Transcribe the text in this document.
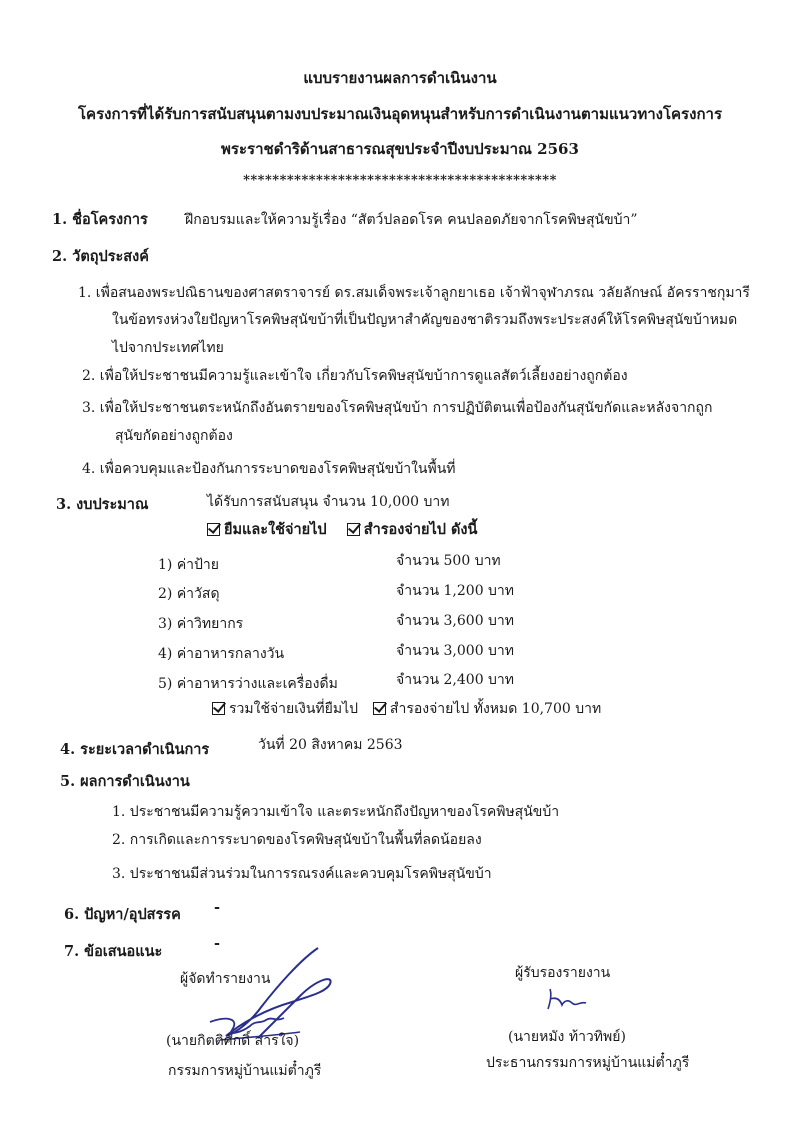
แบบรายงานผลการดำเนินงาน
โครงการที่ได้รับการสนับสนุนตามงบประมาณเงินอุดหนุนสำหรับการดำเนินงานตามแนวทางโครงการ
พระราชดำริด้านสาธารณสุขประจำปีงบประมาณ 2563
*******************************************
1. ชื่อโครงการ	ฝึกอบรมและให้ความรู้เรื่อง “สัตว์ปลอดโรค คนปลอดภัยจากโรคพิษสุนัขบ้า”
2. วัตถุประสงค์
1. เพื่อสนองพระปณิธานของศาสตราจารย์ ดร.สมเด็จพระเจ้าลูกยาเธอ เจ้าฟ้าจุฬาภรณ วลัยลักษณ์ อัครราชกุมารี
ในข้อทรงห่วงใยปัญหาโรคพิษสุนัขบ้าที่เป็นปัญหาสำคัญของชาติรวมถึงพระประสงค์ให้โรคพิษสุนัขบ้าหมด
ไปจากประเทศไทย
2. เพื่อให้ประชาชนมีความรู้และเข้าใจ เกี่ยวกับโรคพิษสุนัขบ้าการดูแลสัตว์เลี้ยงอย่างถูกต้อง
3. เพื่อให้ประชาชนตระหนักถึงอันตรายของโรคพิษสุนัขบ้า การปฏิบัติตนเพื่อป้องกันสุนัขกัดและหลังจากถูก
สุนัขกัดอย่างถูกต้อง
4. เพื่อควบคุมและป้องกันการระบาดของโรคพิษสุนัขบ้าในพื้นที่
3. งบประมาณ	ได้รับการสนับสนุน จำนวน 10,000 บาท
ยืมและใช้จ่ายไป	สำรองจ่ายไป ดังนี้
1) ค่าป้าย	จำนวน 500 บาท
2) ค่าวัสดุ	จำนวน 1,200 บาท
3) ค่าวิทยากร	จำนวน 3,600 บาท
4) ค่าอาหารกลางวัน	จำนวน 3,000 บาท
5) ค่าอาหารว่างและเครื่องดื่ม	จำนวน 2,400 บาท
รวมใช้จ่ายเงินที่ยืมไป สำรองจ่ายไป ทั้งหมด 10,700 บาท
4. ระยะเวลาดำเนินการ	วันที่ 20 สิงหาคม 2563
5. ผลการดำเนินงาน
1. ประชาชนมีความรู้ความเข้าใจ และตระหนักถึงปัญหาของโรคพิษสุนัขบ้า
2. การเกิดและการระบาดของโรคพิษสุนัขบ้าในพื้นที่ลดน้อยลง
3. ประชาชนมีส่วนร่วมในการรณรงค์และควบคุมโรคพิษสุนัขบ้า
6. ปัญหา/อุปสรรค -
7. ข้อเสนอแนะ	-
ผู้จัดทำรายงาน
(นายกิตติศักดิ์ สารใจ)
กรรมการหมู่บ้านแม่ต๋ำภูรี
ผู้รับรองรายงาน
(นายหมัง ท้าวทิพย์)
ประธานกรรมการหมู่บ้านแม่ต๋ำภูรี
